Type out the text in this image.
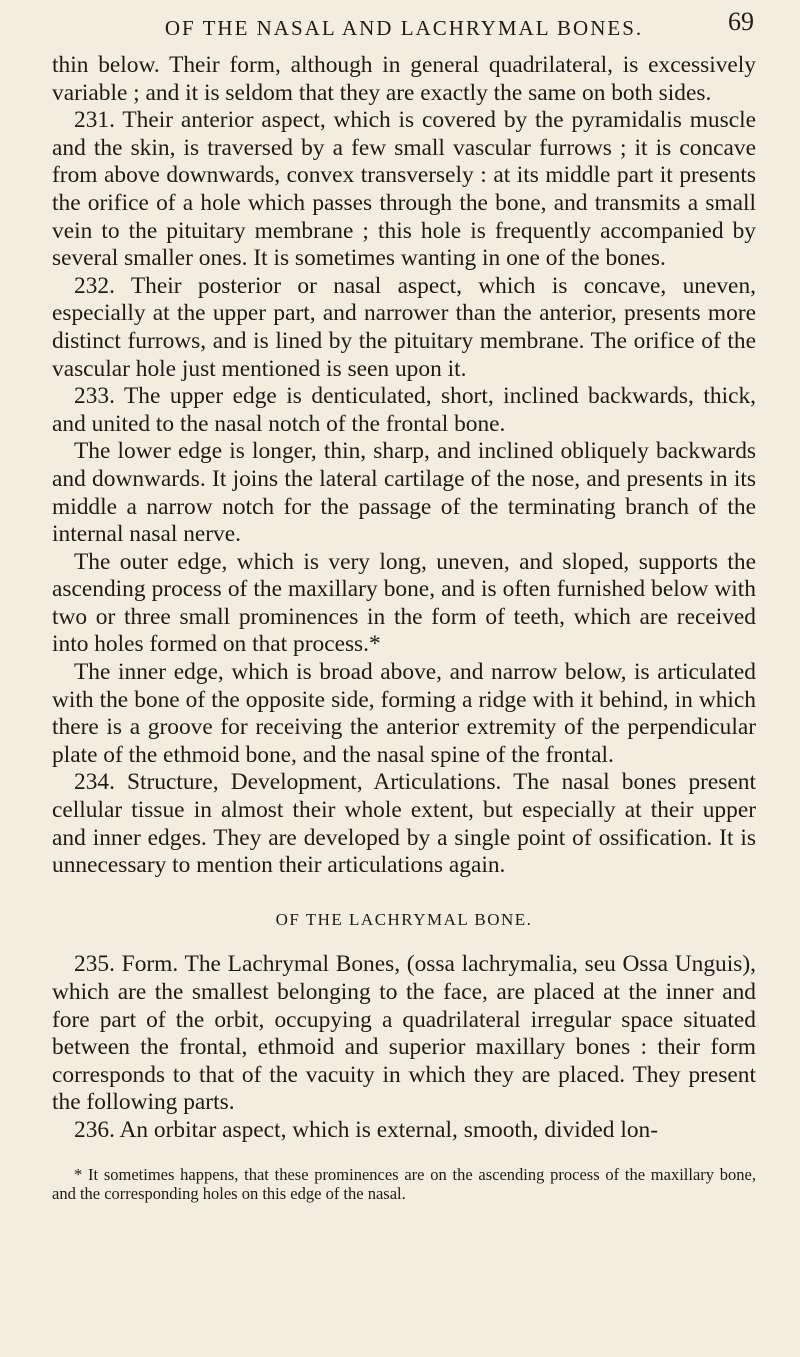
OF THE NASAL AND LACHRYMAL BONES.	69

thin below. Their form, although in general quadrilateral, is excessively variable ; and it is seldom that they are exactly the same on both sides.

231. Their anterior aspect, which is covered by the pyramidalis muscle and the skin, is traversed by a few small vascular furrows ; it is concave from above downwards, convex transversely : at its middle part it presents the orifice of a hole which passes through the bone, and transmits a small vein to the pituitary membrane ; this hole is frequently accompanied by several smaller ones. It is sometimes wanting in one of the bones.

232. Their posterior or nasal aspect, which is concave, uneven, especially at the upper part, and narrower than the anterior, presents more distinct furrows, and is lined by the pituitary membrane. The orifice of the vascular hole just mentioned is seen upon it.

233. The upper edge is denticulated, short, inclined backwards, thick, and united to the nasal notch of the frontal bone.

The lower edge is longer, thin, sharp, and inclined obliquely backwards and downwards. It joins the lateral cartilage of the nose, and presents in its middle a narrow notch for the passage of the terminating branch of the internal nasal nerve.

The outer edge, which is very long, uneven, and sloped, supports the ascending process of the maxillary bone, and is often furnished below with two or three small prominences in the form of teeth, which are received into holes formed on that process.*

The inner edge, which is broad above, and narrow below, is articulated with the bone of the opposite side, forming a ridge with it behind, in which there is a groove for receiving the anterior extremity of the perpendicular plate of the ethmoid bone, and the nasal spine of the frontal.

234. Structure, Development, Articulations. The nasal bones present cellular tissue in almost their whole extent, but especially at their upper and inner edges. They are developed by a single point of ossification. It is unnecessary to mention their articulations again.

OF THE LACHRYMAL BONE.

235. Form. The Lachrymal Bones, (ossa lachrymalia, seu Ossa Unguis), which are the smallest belonging to the face, are placed at the inner and fore part of the orbit, occupying a quadrilateral irregular space situated between the frontal, ethmoid and superior maxillary bones : their form corresponds to that of the vacuity in which they are placed. They present the following parts.

236. An orbitar aspect, which is external, smooth, divided lon-

* It sometimes happens, that these prominences are on the ascending process of the maxillary bone, and the corresponding holes on this edge of the nasal.
